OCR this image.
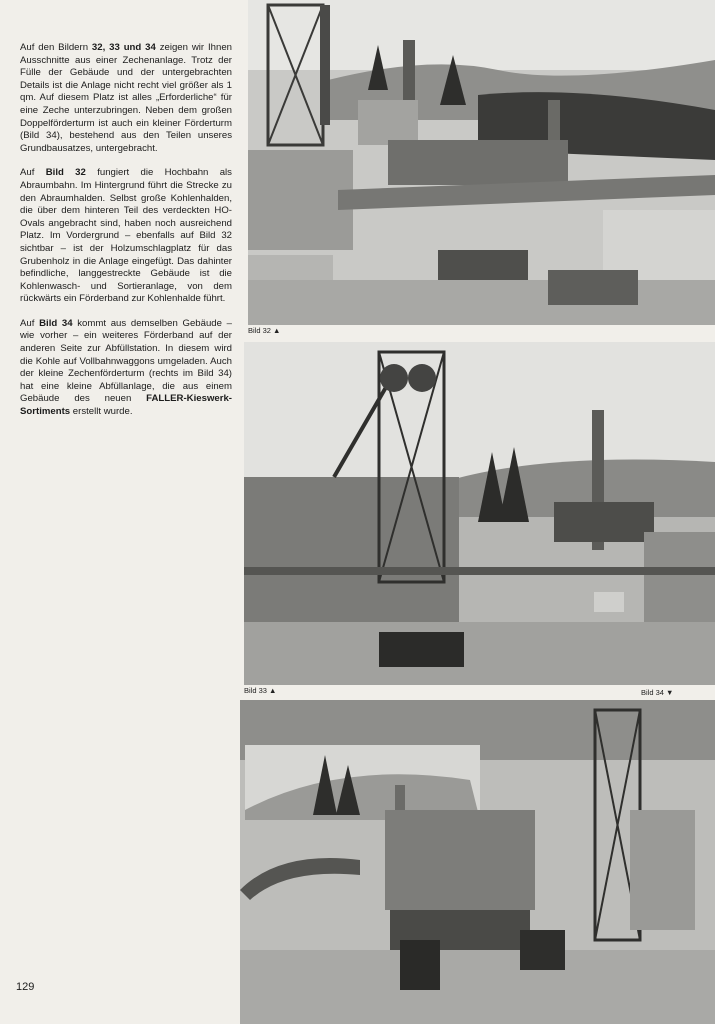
Auf den Bildern 32, 33 und 34 zeigen wir Ihnen Ausschnitte aus einer Zechenanlage. Trotz der Fülle der Gebäude und der untergebrachten Details ist die Anlage nicht recht viel größer als 1 qm. Auf diesem Platz ist alles „Erforderliche“ für eine Zeche unterzubringen. Neben dem großen Doppelförderturm ist auch ein kleiner Förderturm (Bild 34), bestehend aus den Teilen unseres Grundbausatzes, untergebracht.

Auf Bild 32 fungiert die Hochbahn als Abraumbahn. Im Hintergrund führt die Strecke zu den Abraumhalden. Selbst große Kohlenhalden, die über dem hinteren Teil des verdeckten HO-Ovals angebracht sind, haben noch ausreichend Platz. Im Vordergrund – ebenfalls auf Bild 32 sichtbar – ist der Holzumschlagplatz für das Grubenholz in die Anlage eingefügt. Das dahinter befindliche, langgestreckte Gebäude ist die Kohlenwasch- und Sortieranlage, von dem rückwärts ein Förderband zur Kohlenhalde führt.

Auf Bild 34 kommt aus demselben Gebäude – wie vorher – ein weiteres Förderband auf der anderen Seite zur Abfüllstation. In diesem wird die Kohle auf Vollbahnwaggons umgeladen. Auch der kleine Zechenförderturm (rechts im Bild 34) hat eine kleine Abfüllanlage, die aus einem Gebäude des neuen FALLER-Kieswerk-Sortiments erstellt wurde.

Bild 32 ▲
Bild 33 ▲	Bild 34 ▼
129
